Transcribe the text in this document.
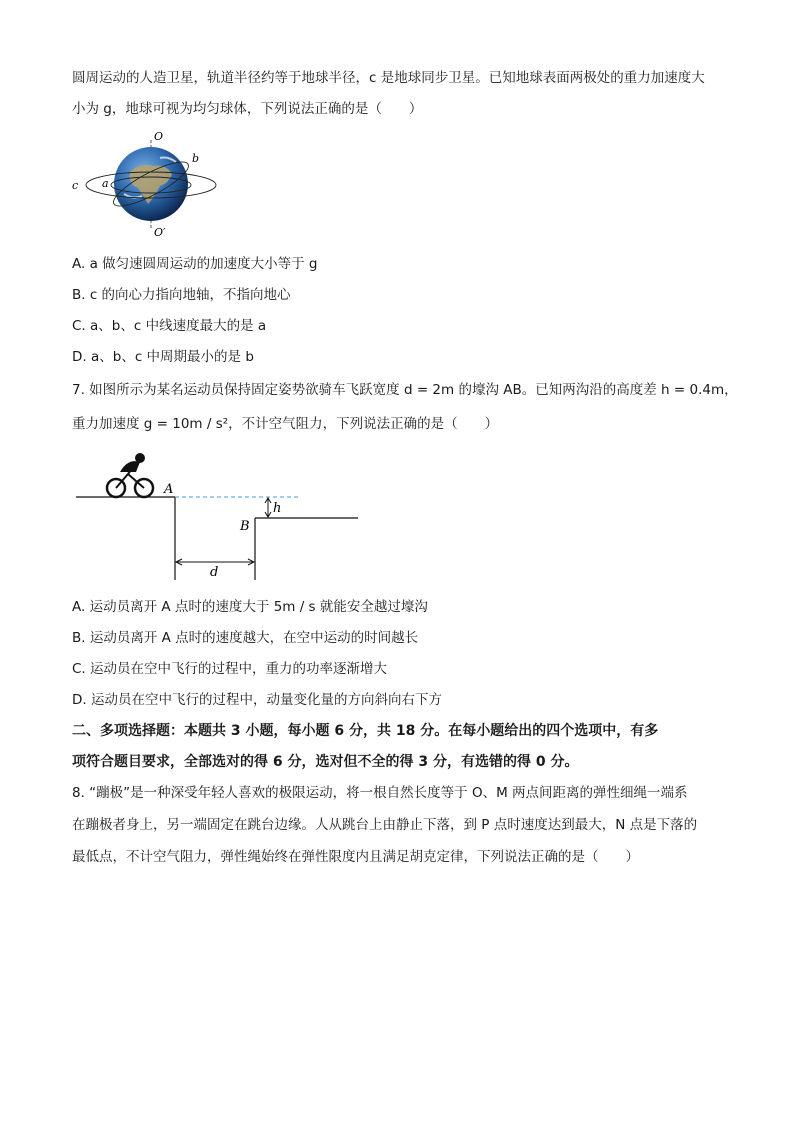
圆周运动的人造卫星，轨道半径约等于地球半径，c 是地球同步卫星。已知地球表面两极处的重力加速度大
小为 g，地球可视为均匀球体，下列说法正确的是（　　）
O
O′
a
b
c
A. a 做匀速圆周运动的加速度大小等于 g
B. c 的向心力指向地轴，不指向地心
C. a、b、c 中线速度最大的是 a
D. a、b、c 中周期最小的是 b
7. 如图所示为某名运动员保持固定姿势欲骑车飞跃宽度 d = 2m 的壕沟 AB。已知两沟沿的高度差 h = 0.4m，
重力加速度 g = 10m / s²，不计空气阻力，下列说法正确的是（　　）
A
B
h
d
A. 运动员离开 A 点时的速度大于 5m / s 就能安全越过壕沟
B. 运动员离开 A 点时的速度越大，在空中运动的时间越长
C. 运动员在空中飞行的过程中，重力的功率逐渐增大
D. 运动员在空中飞行的过程中，动量变化量的方向斜向右下方
二、多项选择题：本题共 3 小题，每小题 6 分，共 18 分。在每小题给出的四个选项中，有多
项符合题目要求，全部选对的得 6 分，选对但不全的得 3 分，有选错的得 0 分。
8. “蹦极”是一种深受年轻人喜欢的极限运动，将一根自然长度等于 O、M 两点间距离的弹性细绳一端系
在蹦极者身上，另一端固定在跳台边缘。人从跳台上由静止下落，到 P 点时速度达到最大，N 点是下落的
最低点，不计空气阻力，弹性绳始终在弹性限度内且满足胡克定律，下列说法正确的是（　　）
